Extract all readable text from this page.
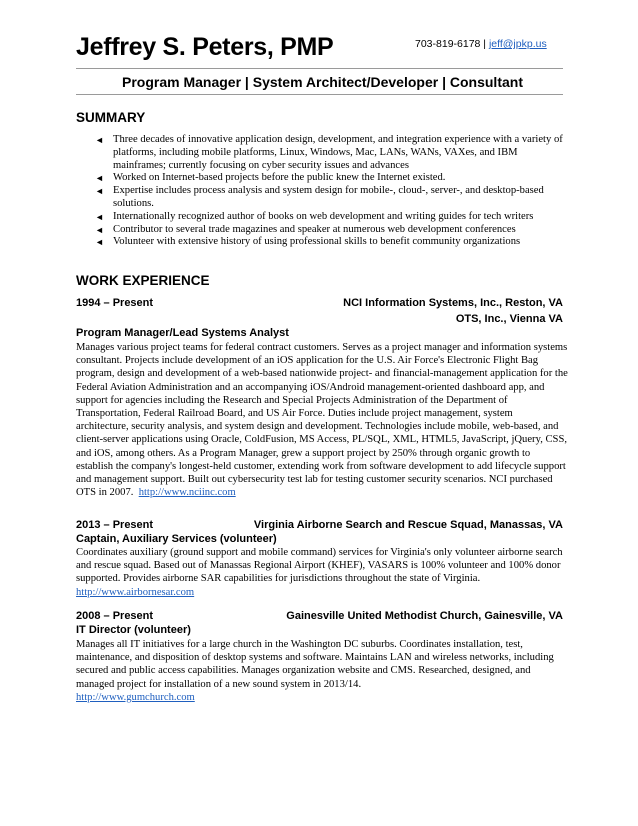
Jeffrey S. Peters, PMP	703-819-6178 | jeff@jpkp.us
Program Manager | System Architect/Developer | Consultant
SUMMARY
◄ Three decades of innovative application design, development, and integration experience with a variety of platforms, including mobile platforms, Linux, Windows, Mac, LANs, WANs, VAXes, and IBM mainframes; currently focusing on cyber security issues and advances
◄ Worked on Internet-based projects before the public knew the Internet existed.
◄ Expertise includes process analysis and system design for mobile-, cloud-, server-, and desktop-based solutions.
◄ Internationally recognized author of books on web development and writing guides for tech writers
◄ Contributor to several trade magazines and speaker at numerous web development conferences
◄ Volunteer with extensive history of using professional skills to benefit community organizations
WORK EXPERIENCE
1994 – Present	NCI Information Systems, Inc., Reston, VA
OTS, Inc., Vienna VA
Program Manager/Lead Systems Analyst
Manages various project teams for federal contract customers. Serves as a project manager and information systems consultant. Projects include development of an iOS application for the U.S. Air Force's Electronic Flight Bag program, design and development of a web-based nationwide project- and financial-management application for the Federal Aviation Administration and an accompanying iOS/Android management-oriented dashboard app, and support for agencies including the Research and Special Projects Administration of the Department of Transportation, Federal Railroad Board, and US Air Force. Duties include project management, system architecture, security analysis, and system design and development. Technologies include mobile, web-based, and client-server applications using Oracle, ColdFusion, MS Access, PL/SQL, XML, HTML5, JavaScript, jQuery, CSS, and iOS, among others. As a Program Manager, grew a support project by 250% through organic growth to establish the company's longest-held customer, extending work from software development to add lifecycle support and management support. Built out cybersecurity test lab for testing customer security scenarios. NCI purchased OTS in 2007. http://www.nciinc.com
2013 – Present	Virginia Airborne Search and Rescue Squad, Manassas, VA
Captain, Auxiliary Services (volunteer)
Coordinates auxiliary (ground support and mobile command) services for Virginia's only volunteer airborne search and rescue squad. Based out of Manassas Regional Airport (KHEF), VASARS is 100% volunteer and 100% donor supported. Provides airborne SAR capabilities for jurisdictions throughout the state of Virginia.  http://www.airbornesar.com
2008 – Present	Gainesville United Methodist Church, Gainesville, VA
IT Director (volunteer)
Manages all IT initiatives for a large church in the Washington DC suburbs. Coordinates installation, test, maintenance, and disposition of desktop systems and software. Maintains LAN and wireless networks, including secured and public access capabilities. Manages organization website and CMS. Researched, designed, and managed project for installation of a new sound system in 2013/14.
http://www.gumchurch.com
